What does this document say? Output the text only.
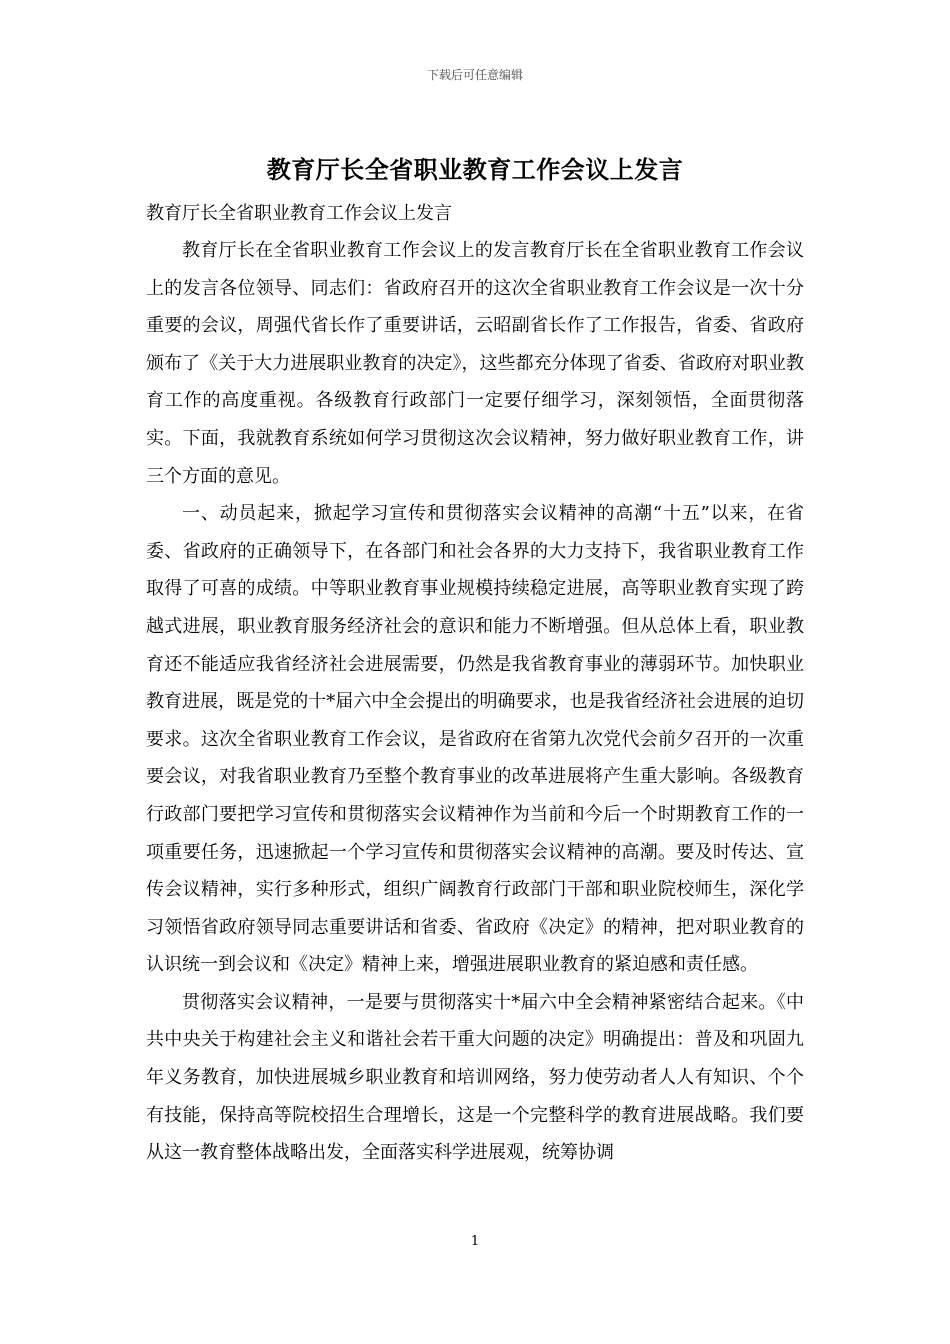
下载后可任意编辑
教育厅长全省职业教育工作会议上发言

教育厅长全省职业教育工作会议上发言

教育厅长在全省职业教育工作会议上的发言教育厅长在全省职业教育工作会议上的发言各位领导、同志们：省政府召开的这次全省职业教育工作会议是一次十分重要的会议，周强代省长作了重要讲话，云昭副省长作了工作报告，省委、省政府颁布了《关于大力进展职业教育的决定》，这些都充分体现了省委、省政府对职业教育工作的高度重视。各级教育行政部门一定要仔细学习，深刻领悟，全面贯彻落实。下面，我就教育系统如何学习贯彻这次会议精神，努力做好职业教育工作，讲三个方面的意见。

一、动员起来，掀起学习宣传和贯彻落实会议精神的高潮“十五”以来，在省委、省政府的正确领导下，在各部门和社会各界的大力支持下，我省职业教育工作取得了可喜的成绩。中等职业教育事业规模持续稳定进展，高等职业教育实现了跨越式进展，职业教育服务经济社会的意识和能力不断增强。但从总体上看，职业教育还不能适应我省经济社会进展需要，仍然是我省教育事业的薄弱环节。加快职业教育进展，既是党的十*届六中全会提出的明确要求，也是我省经济社会进展的迫切要求。这次全省职业教育工作会议，是省政府在省第九次党代会前夕召开的一次重要会议，对我省职业教育乃至整个教育事业的改革进展将产生重大影响。各级教育行政部门要把学习宣传和贯彻落实会议精神作为当前和今后一个时期教育工作的一项重要任务，迅速掀起一个学习宣传和贯彻落实会议精神的高潮。要及时传达、宣传会议精神，实行多种形式，组织广阔教育行政部门干部和职业院校师生，深化学习领悟省政府领导同志重要讲话和省委、省政府《决定》的精神，把对职业教育的认识统一到会议和《决定》精神上来，增强进展职业教育的紧迫感和责任感。

贯彻落实会议精神，一是要与贯彻落实十*届六中全会精神紧密结合起来。《中共中央关于构建社会主义和谐社会若干重大问题的决定》明确提出：普及和巩固九年义务教育，加快进展城乡职业教育和培训网络，努力使劳动者人人有知识、个个有技能，保持高等院校招生合理增长，这是一个完整科学的教育进展战略。我们要从这一教育整体战略出发，全面落实科学进展观，统筹协调

1
